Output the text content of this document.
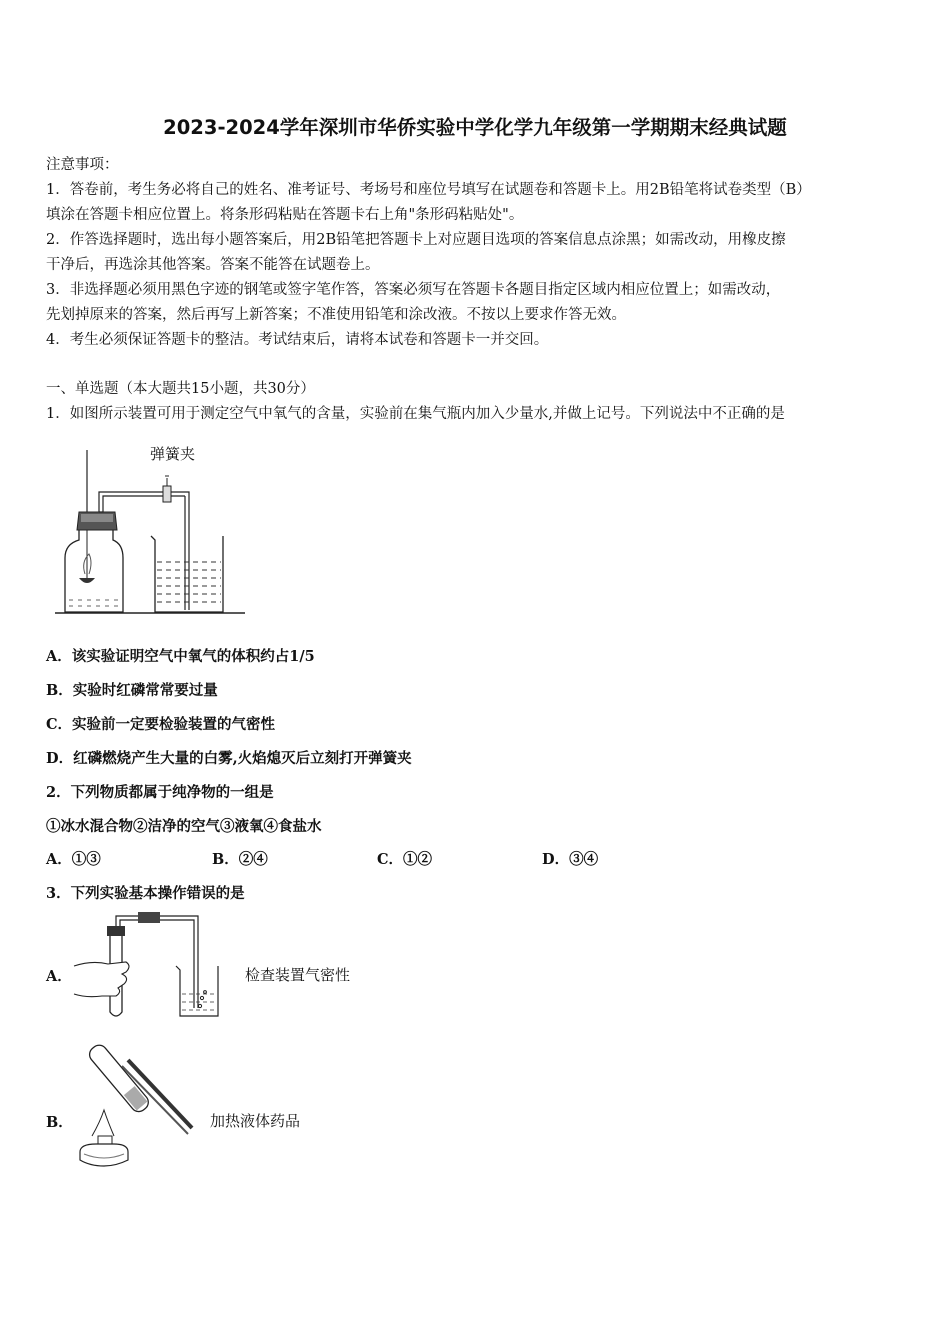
2023-2024学年深圳市华侨实验中学化学九年级第一学期期末经典试题
注意事项：
1．答卷前，考生务必将自己的姓名、准考证号、考场号和座位号填写在试题卷和答题卡上。用2B铅笔将试卷类型（B）
填涂在答题卡相应位置上。将条形码粘贴在答题卡右上角"条形码粘贴处"。
2．作答选择题时，选出每小题答案后，用2B铅笔把答题卡上对应题目选项的答案信息点涂黑；如需改动，用橡皮擦
干净后，再选涂其他答案。答案不能答在试题卷上。
3．非选择题必须用黑色字迹的钢笔或签字笔作答，答案必须写在答题卡各题目指定区域内相应位置上；如需改动，
先划掉原来的答案，然后再写上新答案；不准使用铅笔和涂改液。不按以上要求作答无效。
4．考生必须保证答题卡的整洁。考试结束后，请将本试卷和答题卡一并交回。
一、单选题（本大题共15小题，共30分）
1．如图所示装置可用于测定空气中氧气的含量，实验前在集气瓶内加入少量水,并做上记号。下列说法中不正确的是
弹簧夹
A．该实验证明空气中氧气的体积约占1/5
B．实验时红磷常常要过量
C．实验前一定要检验装置的气密性
D．红磷燃烧产生大量的白雾,火焰熄灭后立刻打开弹簧夹
2．下列物质都属于纯净物的一组是
①冰水混合物②洁净的空气③液氧④食盐水
A．①③	B．②④	C．①②	D．③④
3．下列实验基本操作错误的是
A．	检查装置气密性
B．	加热液体药品
